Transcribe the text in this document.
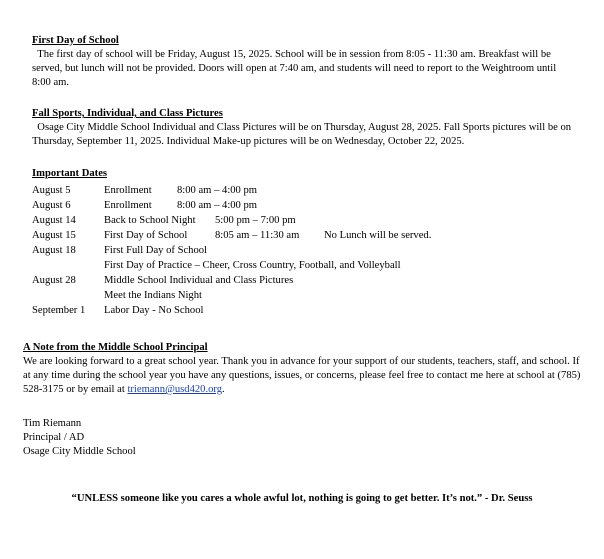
First Day of School
The first day of school will be Friday, August 15, 2025. School will be in session from 8:05 - 11:30 am. Breakfast will be served, but lunch will not be provided. Doors will open at 7:40 am, and students will need to report to the Weightroom until 8:00 am.
Fall Sports, Individual, and Class Pictures
Osage City Middle School Individual and Class Pictures will be on Thursday, August 28, 2025. Fall Sports pictures will be on Thursday, September 11, 2025. Individual Make-up pictures will be on Wednesday, October 22, 2025.
Important Dates
August 5	Enrollment 8:00 am – 4:00 pm
August 6	Enrollment 8:00 am – 4:00 pm
August 14	Back to School Night 5:00 pm – 7:00 pm
August 15	First Day of School	8:05 am – 11:30 am No Lunch will be served.
August 18	First Full Day of School
First Day of Practice – Cheer, Cross Country, Football, and Volleyball
August 28	Middle School Individual and Class Pictures
Meet the Indians Night
September 1 Labor Day - No School
A Note from the Middle School Principal
We are looking forward to a great school year. Thank you in advance for your support of our students, teachers, staff, and school. If at any time during the school year you have any questions, issues, or concerns, please feel free to contact me here at school at (785) 528-3175 or by email at triemann@usd420.org.
Tim Riemann
Principal / AD
Osage City Middle School
“UNLESS someone like you cares a whole awful lot, nothing is going to get better. It’s not.” - Dr. Seuss
